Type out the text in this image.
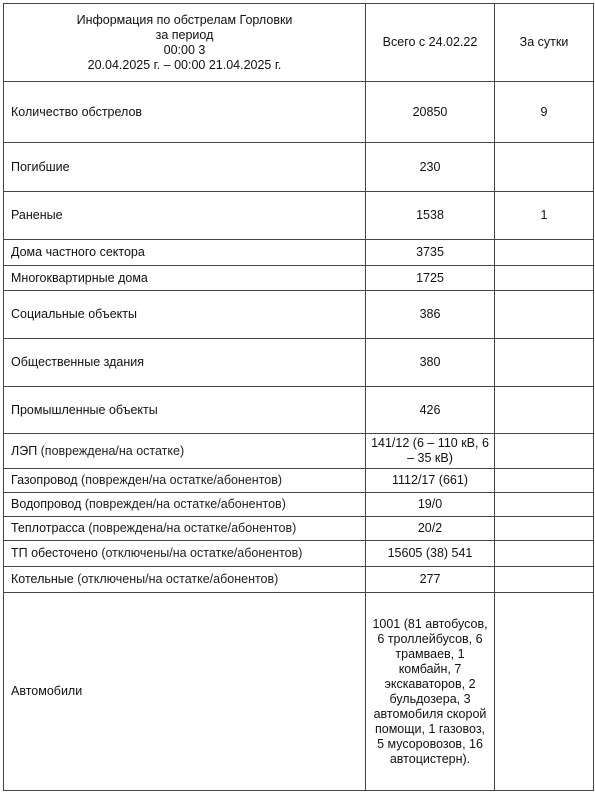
Информация по обстрелам Горловки
за период
00:00 3
20.04.2025 г. – 00:00 21.04.2025 г.	Всего с 24.02.22	За сутки
Количество обстрелов	20850	9
Погибшие	230	
Раненые	1538	1
Дома частного сектора	3735	
Многоквартирные дома	1725	
Социальные объекты	386	
Общественные здания	380	
Промышленные объекты	426	
ЛЭП (повреждена/на остатке)	141/12 (6 – 110 кВ, 6 – 35 кВ)	
Газопровод (поврежден/на остатке/абонентов)	1112/17 (661)	
Водопровод (поврежден/на остатке/абонентов)	19/0	
Теплотрасса (повреждена/на остатке/абонентов)	20/2	
ТП обесточено (отключены/на остатке/абонентов)	15605 (38) 541	
Котельные (отключены/на остатке/абонентов)	277	
Автомобили	1001 (81 автобусов, 6 троллейбусов, 6 трамваев, 1 комбайн, 7 экскаваторов, 2 бульдозера, 3 автомобиля скорой помощи, 1 газовоз, 5 мусоровозов, 16 автоцистерн).	
